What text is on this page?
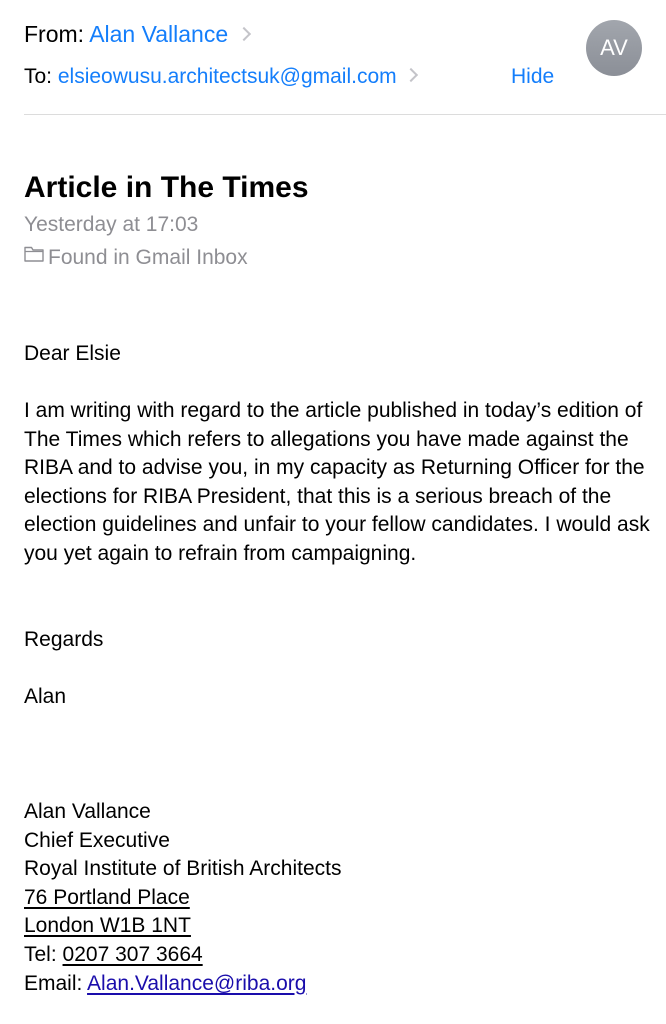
From: Alan Vallance
To: elsieowusu.architectsuk@gmail.com	Hide
AV
Article in The Times
Yesterday at 17:03
Found in Gmail Inbox
Dear Elsie
I am writing with regard to the article published in today’s edition of The Times which refers to allegations you have made against the RIBA and to advise you, in my capacity as Returning Officer for the elections for RIBA President, that this is a serious breach of the election guidelines and unfair to your fellow candidates. I would ask you yet again to refrain from campaigning.
Regards
Alan
Alan Vallance
Chief Executive
Royal Institute of British Architects
76 Portland Place
London W1B 1NT
Tel: 0207 307 3664
Email: Alan.Vallance@riba.org
